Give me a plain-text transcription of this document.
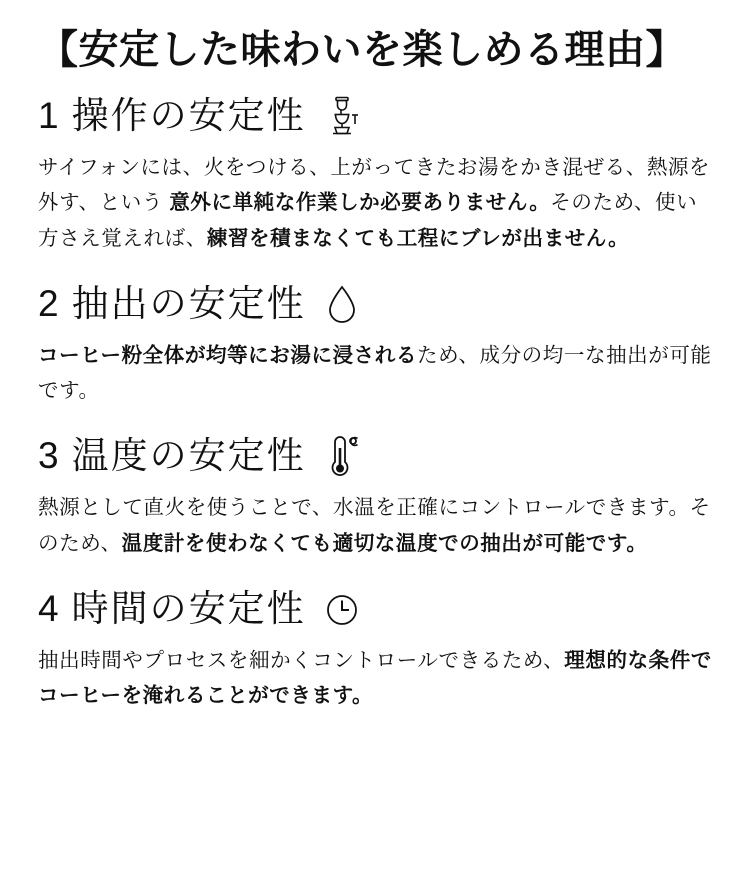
【安定した味わいを楽しめる理由】
1 操作の安定性

サイフォンには、火をつける、上がってきたお湯をかき混ぜる、熱源を外す、という 意外に単純な作業しか必要ありません。そのため、使い方さえ覚えれば、練習を積まなくても工程にブレが出ません。

2 抽出の安定性

コーヒー粉全体が均等にお湯に浸されるため、成分の均一な抽出が可能です。

3 温度の安定性

熱源として直火を使うことで、水温を正確にコントロールできます。そのため、温度計を使わなくても適切な温度での抽出が可能です。

4 時間の安定性

抽出時間やプロセスを細かくコントロールできるため、理想的な条件でコーヒーを淹れることができます。
